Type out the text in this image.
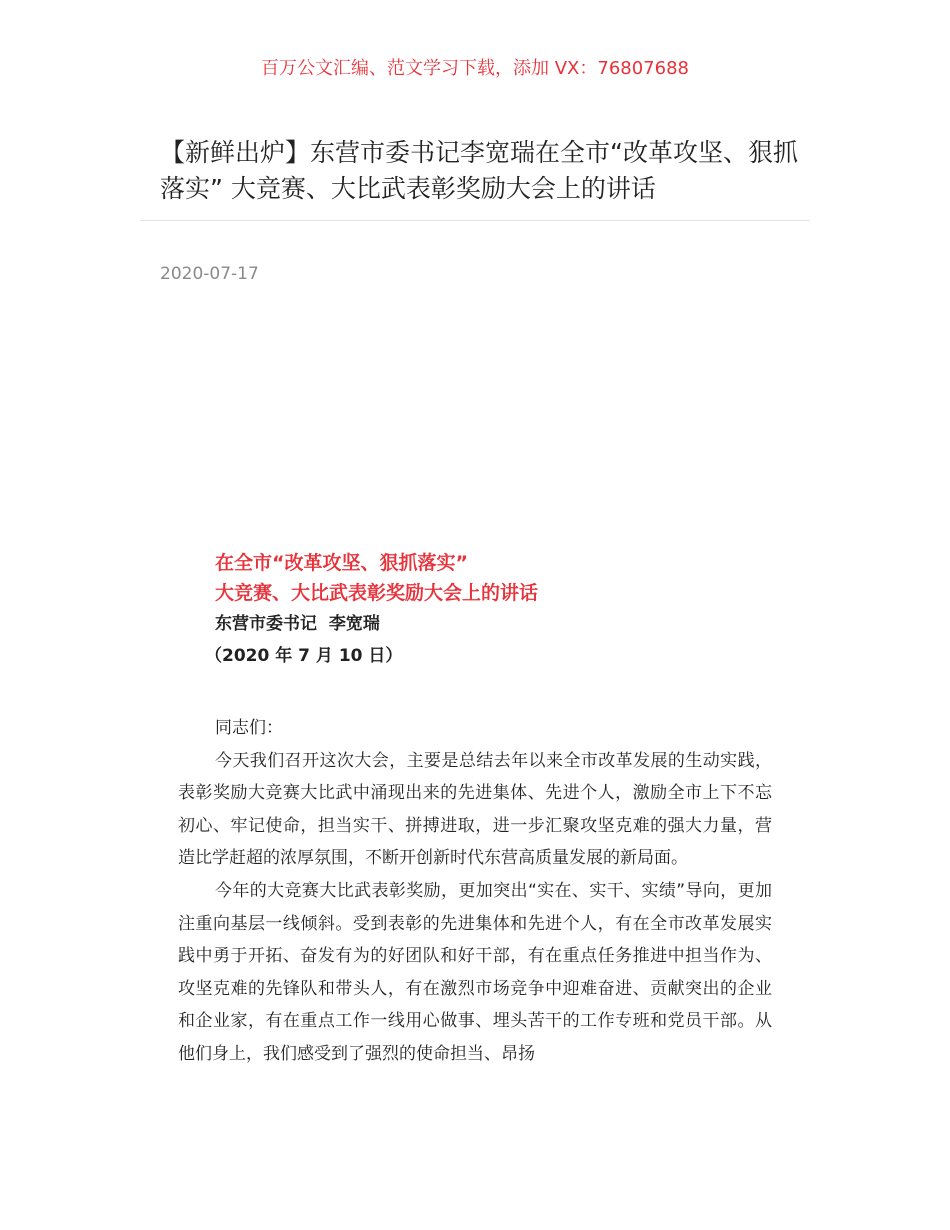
百万公文汇编、范文学习下载，添加 VX：76807688
【新鲜出炉】东营市委书记李宽瑞在全市“改革攻坚、狠抓落实” 大竞赛、大比武表彰奖励大会上的讲话
2020-07-17
在全市“改革攻坚、狠抓落实”
大竞赛、大比武表彰奖励大会上的讲话
东营市委书记  李宽瑞
（2020 年 7 月 10 日）

同志们：

今天我们召开这次大会，主要是总结去年以来全市改革发展的生动实践，表彰奖励大竞赛大比武中涌现出来的先进集体、先进个人，激励全市上下不忘初心、牢记使命，担当实干、拼搏进取，进一步汇聚攻坚克难的强大力量，营造比学赶超的浓厚氛围，不断开创新时代东营高质量发展的新局面。

今年的大竞赛大比武表彰奖励，更加突出“实在、实干、实绩”导向，更加注重向基层一线倾斜。受到表彰的先进集体和先进个人，有在全市改革发展实践中勇于开拓、奋发有为的好团队和好干部，有在重点任务推进中担当作为、攻坚克难的先锋队和带头人，有在激烈市场竞争中迎难奋进、贡献突出的企业和企业家，有在重点工作一线用心做事、埋头苦干的工作专班和党员干部。从他们身上，我们感受到了强烈的使命担当、昂扬
